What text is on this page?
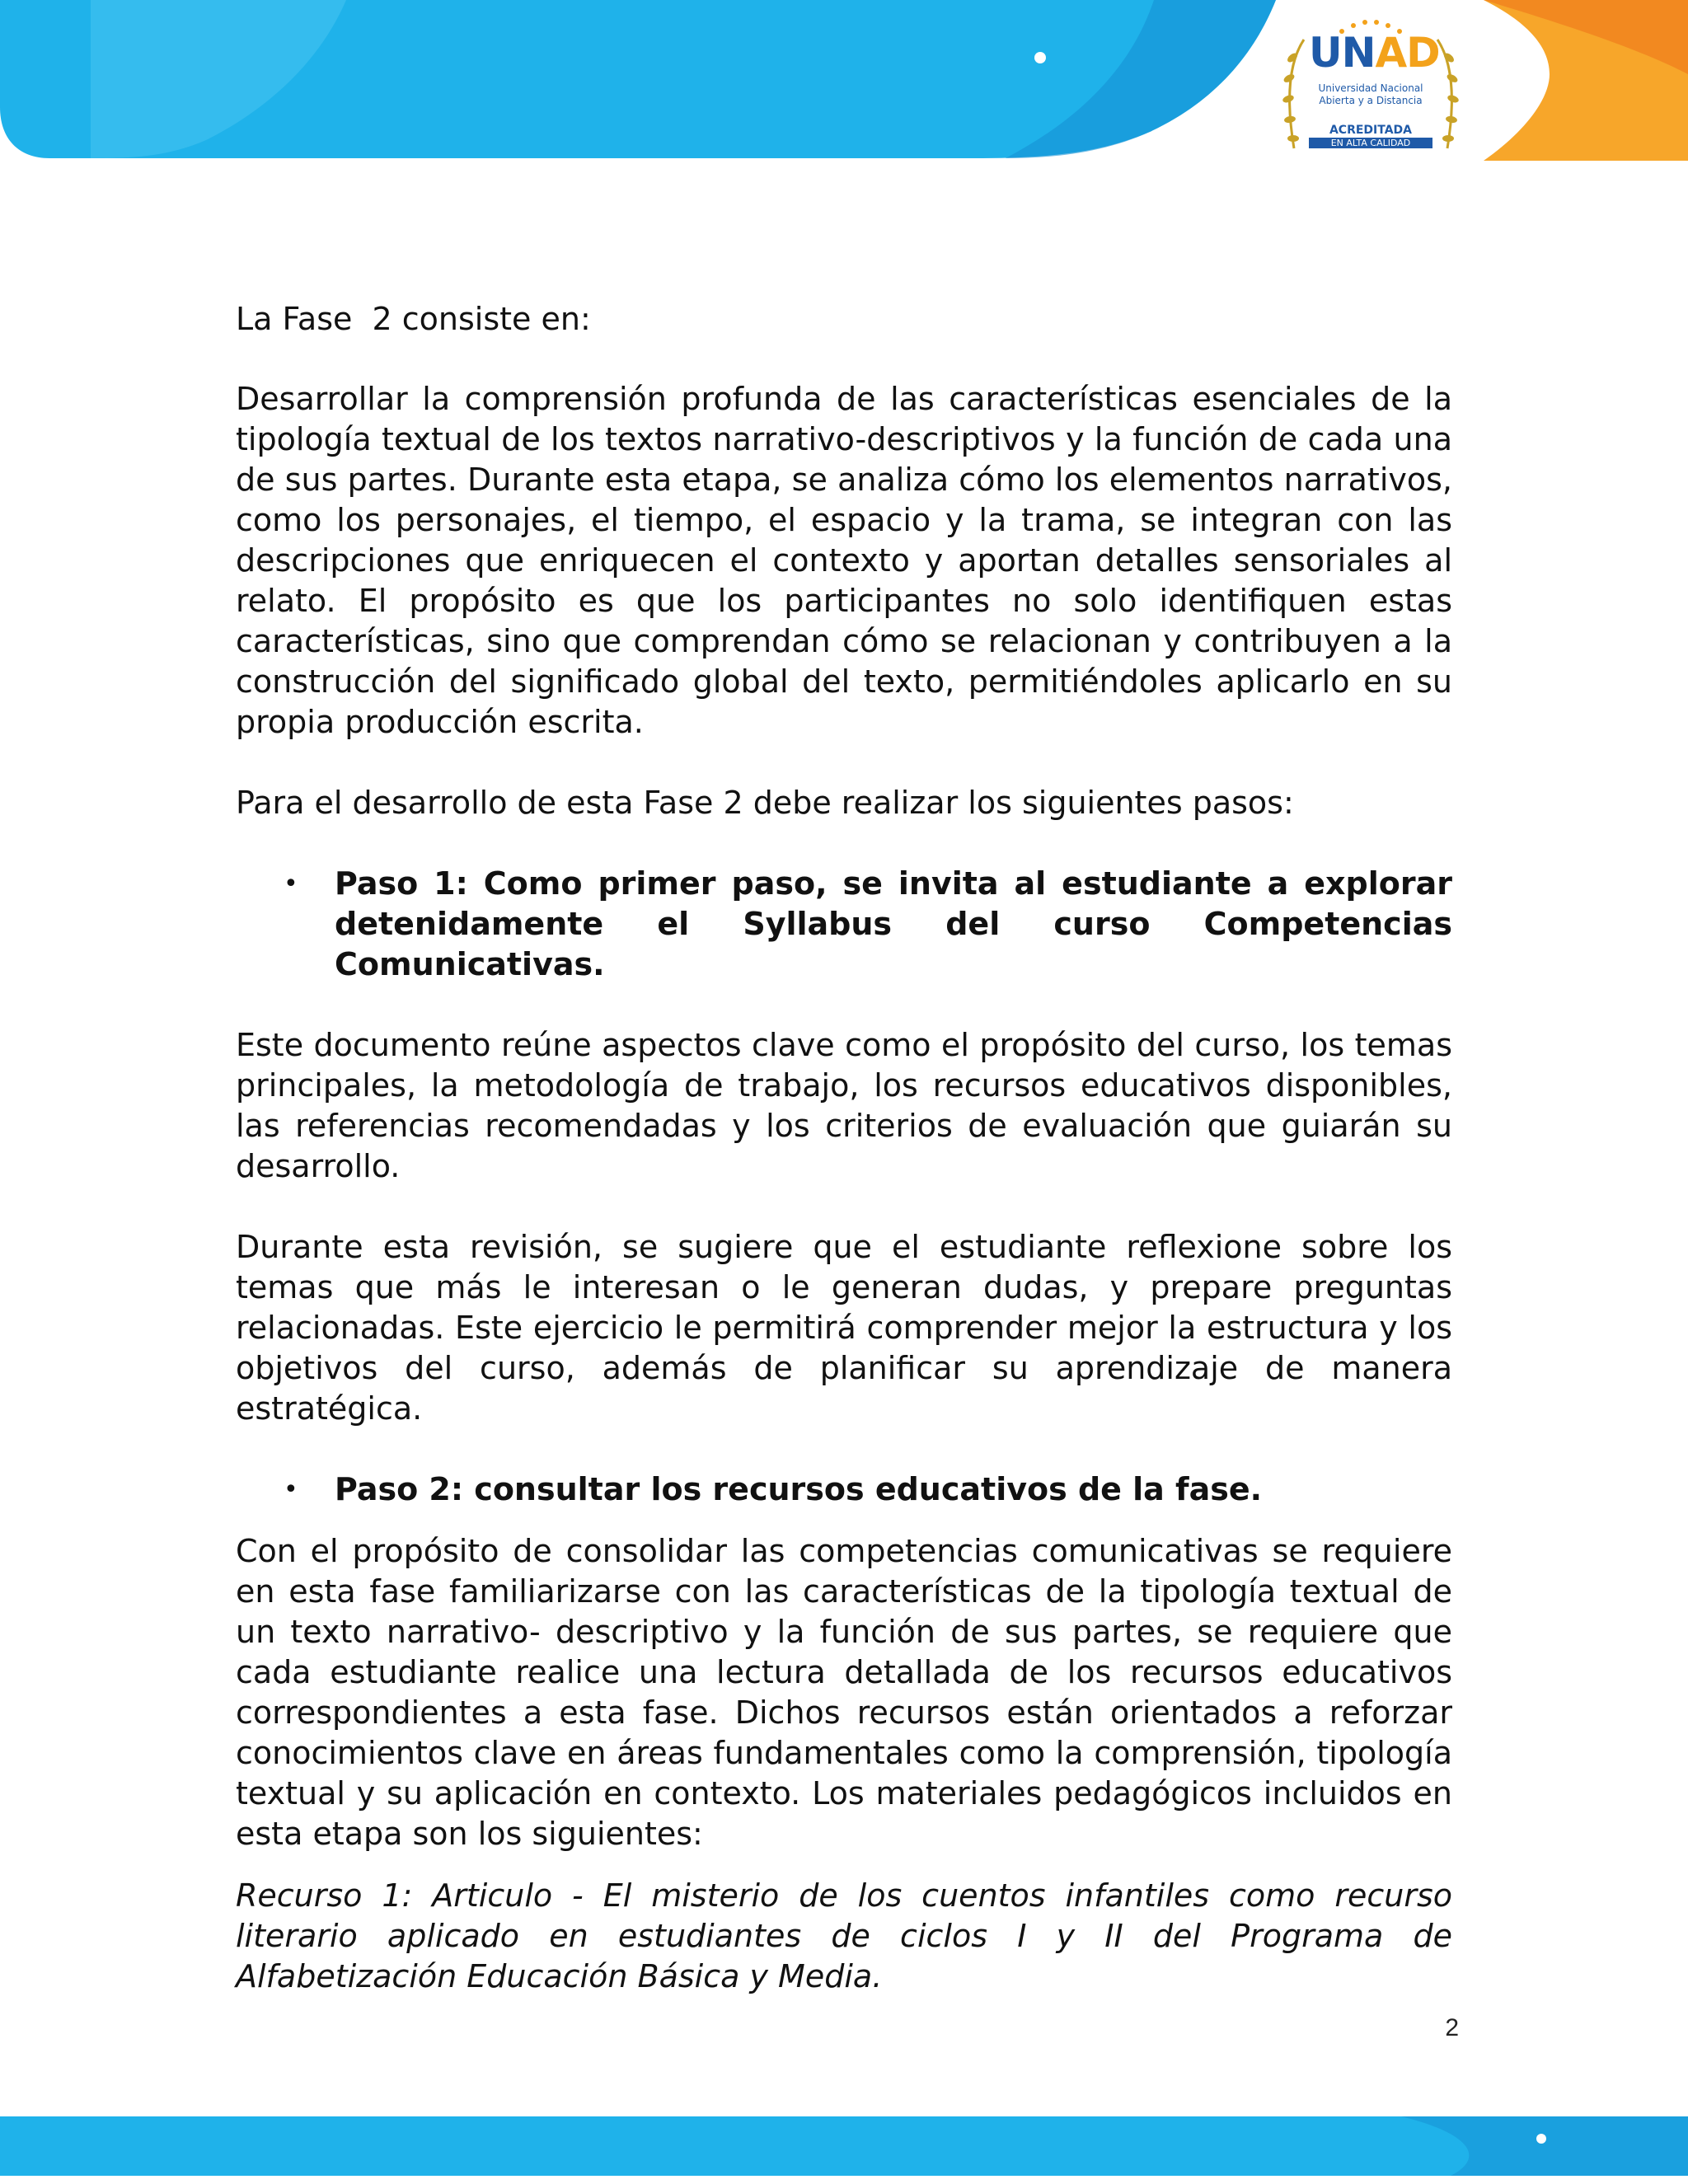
UNAD
Universidad Nacional
Abierta y a Distancia
ACREDITADA
EN ALTA CALIDAD

La Fase  2 consiste en:

Desarrollar la comprensión profunda de las características esenciales de la tipología textual de los textos narrativo-descriptivos y la función de cada una de sus partes. Durante esta etapa, se analiza cómo los elementos narrativos, como los personajes, el tiempo, el espacio y la trama, se integran con las descripciones que enriquecen el contexto y aportan detalles sensoriales al relato. El propósito es que los participantes no solo identifiquen estas características, sino que comprendan cómo se relacionan y contribuyen a la construcción del significado global del texto, permitiéndoles aplicarlo en su propia producción escrita.

Para el desarrollo de esta Fase 2 debe realizar los siguientes pasos:

• Paso 1: Como primer paso, se invita al estudiante a explorar detenidamente el Syllabus del curso Competencias Comunicativas.

Este documento reúne aspectos clave como el propósito del curso, los temas principales, la metodología de trabajo, los recursos educativos disponibles, las referencias recomendadas y los criterios de evaluación que guiarán su desarrollo.

Durante esta revisión, se sugiere que el estudiante reflexione sobre los temas que más le interesan o le generan dudas, y prepare preguntas relacionadas. Este ejercicio le permitirá comprender mejor la estructura y los objetivos del curso, además de planificar su aprendizaje de manera estratégica.

• Paso 2: consultar los recursos educativos de la fase.

Con el propósito de consolidar las competencias comunicativas se requiere en esta fase familiarizarse con las características de la tipología textual de un texto narrativo- descriptivo y la función de sus partes, se requiere que cada estudiante realice una lectura detallada de los recursos educativos correspondientes a esta fase. Dichos recursos están orientados a reforzar conocimientos clave en áreas fundamentales como la comprensión, tipología textual y su aplicación en contexto. Los materiales pedagógicos incluidos en esta etapa son los siguientes:

Recurso 1: Articulo - El misterio de los cuentos infantiles como recurso literario aplicado en estudiantes de ciclos I y II del Programa de Alfabetización Educación Básica y Media.

2
